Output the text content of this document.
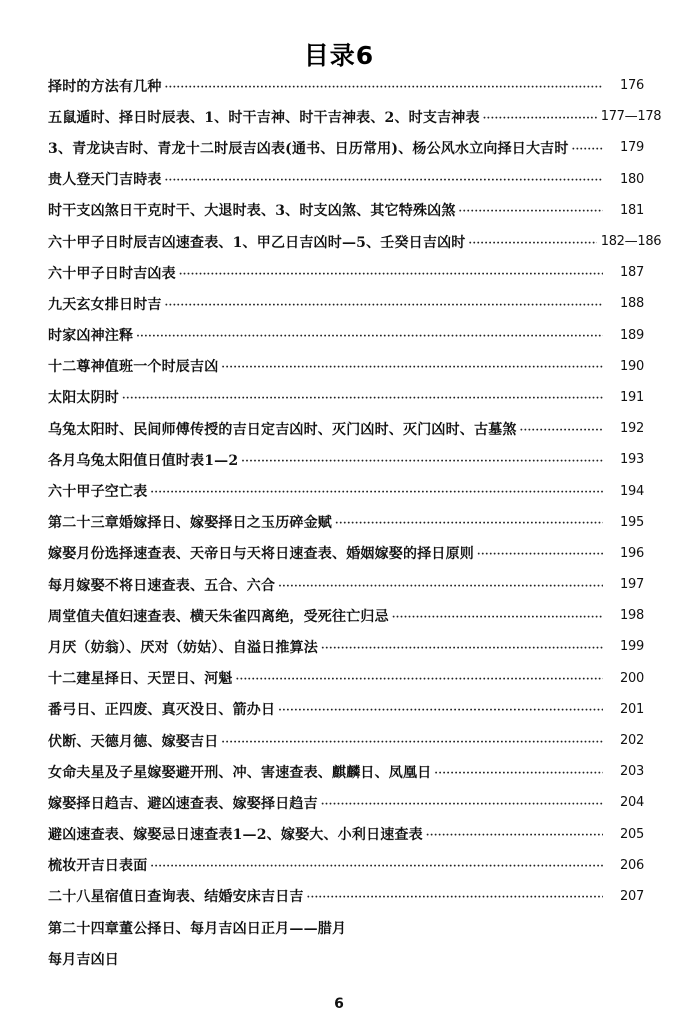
目录6
择时的方法有几种 ·····	176
五鼠遁时、择日时辰表、1、时干吉神、时干吉神表、2、时支吉神表 ·····	177—178
3、青龙诀吉时、青龙十二时辰吉凶表(通书、日历常用)、杨公风水立向择日大吉时 ·····	179
贵人登天门吉時表 ·····	180
时干支凶煞日干克时干、大退时表、3、时支凶煞、其它特殊凶煞 ·····	181
六十甲子日时辰吉凶速查表、1、甲乙日吉凶时—5、壬癸日吉凶时 ·····	182—186
六十甲子日时吉凶表 ·····	187
九天玄女排日时吉 ·····	188
时家凶神注释 ·····	189
十二尊神值班一个时辰吉凶 ·····	190
太阳太阴时 ·····	191
乌兔太阳时、民间师傅传授的吉日定吉凶时、灭门凶时、灭门凶时、古墓煞 ·····	192
各月乌兔太阳值日值时表1—2 ·····	193
六十甲子空亡表 ·····	194
第二十三章婚嫁择日、嫁娶择日之玉历碎金赋 ·····	195
嫁娶月份选择速查表、天帝日与天将日速查表、婚姻嫁娶的择日原则 ·····	196
每月嫁娶不将日速查表、五合、六合 ·····	197
周堂值夫值妇速查表、横天朱雀四离绝，受死往亡归忌 ·····	198
月厌（妨翁）、厌对（妨姑）、自溢日推算法 ·····	199
十二建星择日、天罡日、河魁 ·····	200
番弓日、正四废、真灭没日、箭办日 ·····	201
伏断、天德月德、嫁娶吉日 ·····	202
女命夫星及子星嫁娶避开刑、冲、害速查表、麒麟日、凤凰日 ·····	203
嫁娶择日趋吉、避凶速查表、嫁娶择日趋吉 ·····	204
避凶速查表、嫁娶忌日速查表1—2、嫁娶大、小利日速查表 ·····	205
梳妆开吉日表面 ·····	206
二十八星宿值日查询表、结婚安床吉日吉 ·····	207
第二十四章董公择日、每月吉凶日正月——腊月
每月吉凶日
6
